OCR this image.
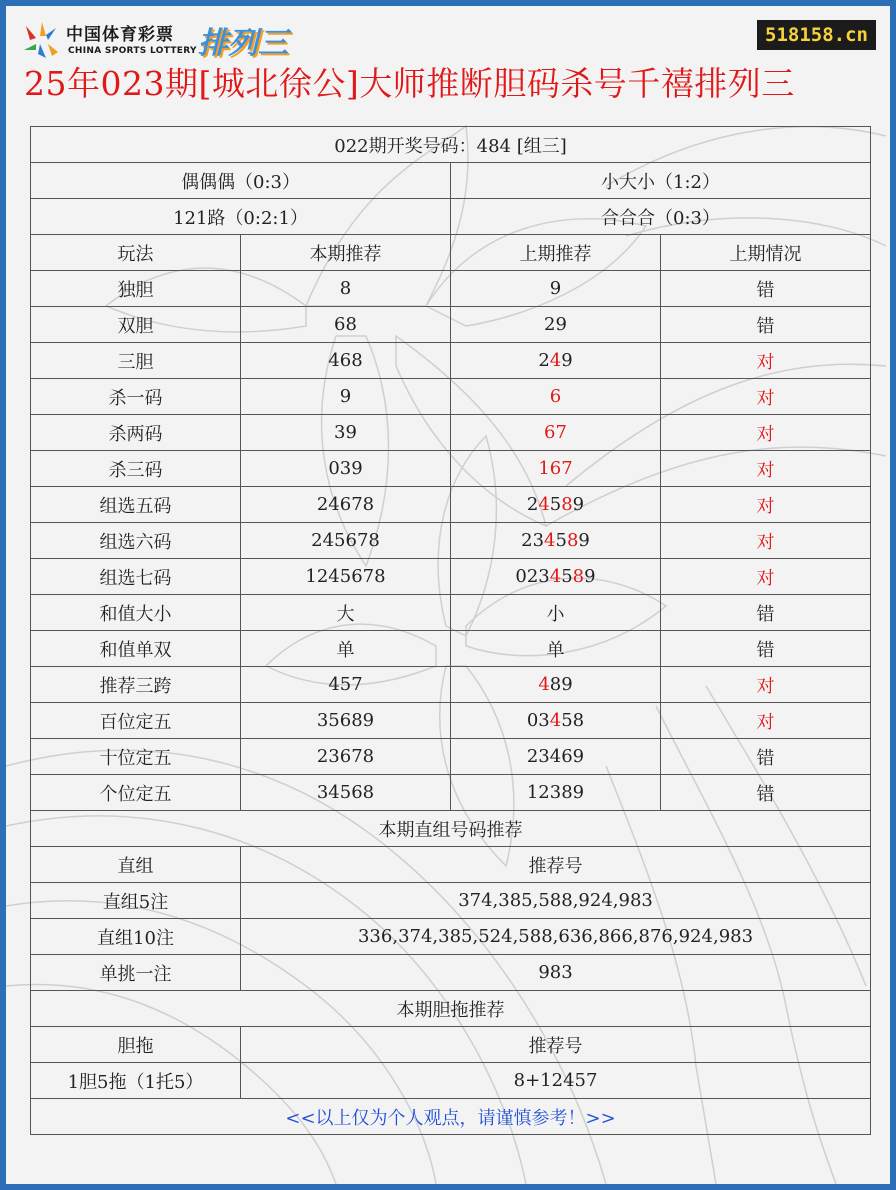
中国体育彩票
CHINA SPORTS LOTTERY 排列三	518158.cn
25年023期[城北徐公]大师推断胆码杀号千禧排列三
022期开奖号码：484 [组三]			
偶偶偶（0:3）		小大小（1:2）	
121路（0:2:1）		合合合（0:3）	
玩法	本期推荐	上期推荐	上期情况
独胆	8	9	错
双胆	68	29	错
三胆	468	249	对
杀一码	9	6	对
杀两码	39	67	对
杀三码	039	167	对
组选五码	24678	24589	对
组选六码	245678	234589	对
组选七码	1245678	0234589	对
和值大小	大	小	错
和值单双	单	单	错
推荐三跨	457	489	对
百位定五	35689	03458	对
十位定五	23678	23469	错
个位定五	34568	12389	错
本期直组号码推荐			
直组	推荐号		
直组5注	374,385,588,924,983		
直组10注	336,374,385,524,588,636,866,876,924,983		
单挑一注	983		
本期胆拖推荐			
胆拖	推荐号		
1胆5拖（1托5）	8+12457		
<<以上仅为个人观点，请谨慎参考！>>			
